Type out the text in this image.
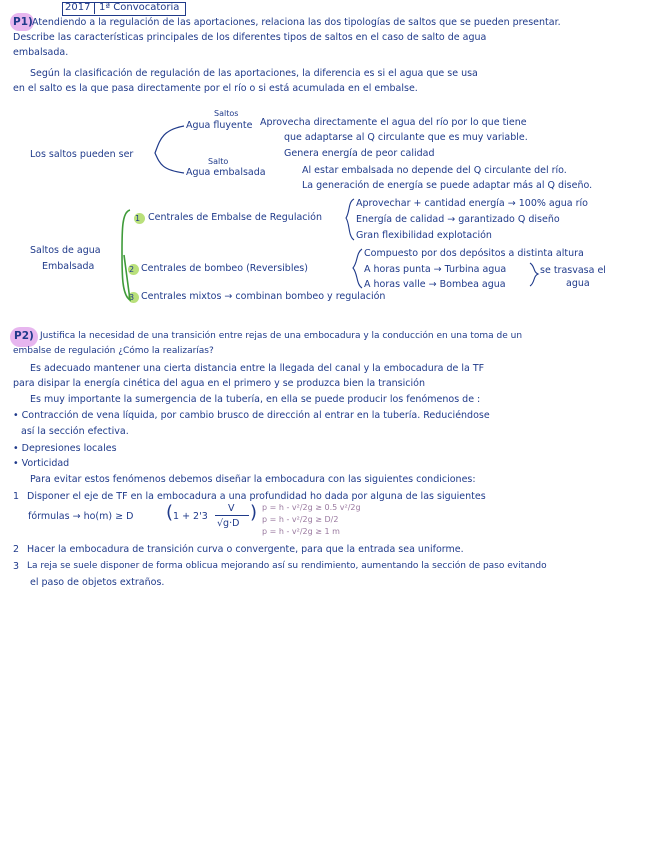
2017 1ª Convocatoria
P1) Atendiendo a la regulación de las aportaciones, relaciona las dos tipologías de saltos que se pueden presentar.
Describe las características principales de los diferentes tipos de saltos en el caso de salto de agua
embalsada.
Según la clasificación de regulación de las aportaciones, la diferencia es si el agua que se usa
en el salto es la que pasa directamente por el río o si está acumulada en el embalse.
Saltos
Agua fluyente Aprovecha directamente el agua del río por lo que tiene
que adaptarse al Q circulante que es muy variable.
Genera energía de peor calidad
Los saltos pueden ser
Salto
Agua embalsada	Al estar embalsada no depende del Q circulante del río.
La generación de energía se puede adaptar más al Q diseño.
Saltos de agua
Embalsada
1 Centrales de Embalse de Regulación
Aprovechar + cantidad energía → 100% agua río
Energía de calidad → garantizado Q diseño
Gran flexibilidad explotación
2 Centrales de bombeo (Reversibles)
Compuesto por dos depósitos a distinta altura
A horas punta → Turbina agua
A horas valle → Bombea agua
se trasvasa el
agua
3 Centrales mixtos → combinan bombeo y regulación
P2) Justifica la necesidad de una transición entre rejas de una embocadura y la conducción en una toma de un
embalse de regulación ¿Cómo la realizarías?
Es adecuado mantener una cierta distancia entre la llegada del canal y la embocadura de la TF
para disipar la energía cinética del agua en el primero y se produzca bien la transición
Es muy importante la sumergencia de la tubería, en ella se puede producir los fenómenos de :
• Contracción de vena líquida, por cambio brusco de dirección al entrar en la tubería. Reduciéndose
así la sección efectiva.
• Depresiones locales
• Vorticidad
Para evitar estos fenómenos debemos diseñar la embocadura con las siguientes condiciones:
1 Disponer el eje de TF en la embocadura a una profundidad ho dada por alguna de las siguientes
fórmulas → ho(m) ≥ D ( 1 + 2'3
V
√g·D
) p = h - v²/2g ≥ 0.5 v²/2g
p = h - v²/2g ≥ D/2
p = h - v²/2g ≥ 1 m
2 Hacer la embocadura de transición curva o convergente, para que la entrada sea uniforme.
3 La reja se suele disponer de forma oblicua mejorando así su rendimiento, aumentando la sección de paso evitando
el paso de objetos extraños.
